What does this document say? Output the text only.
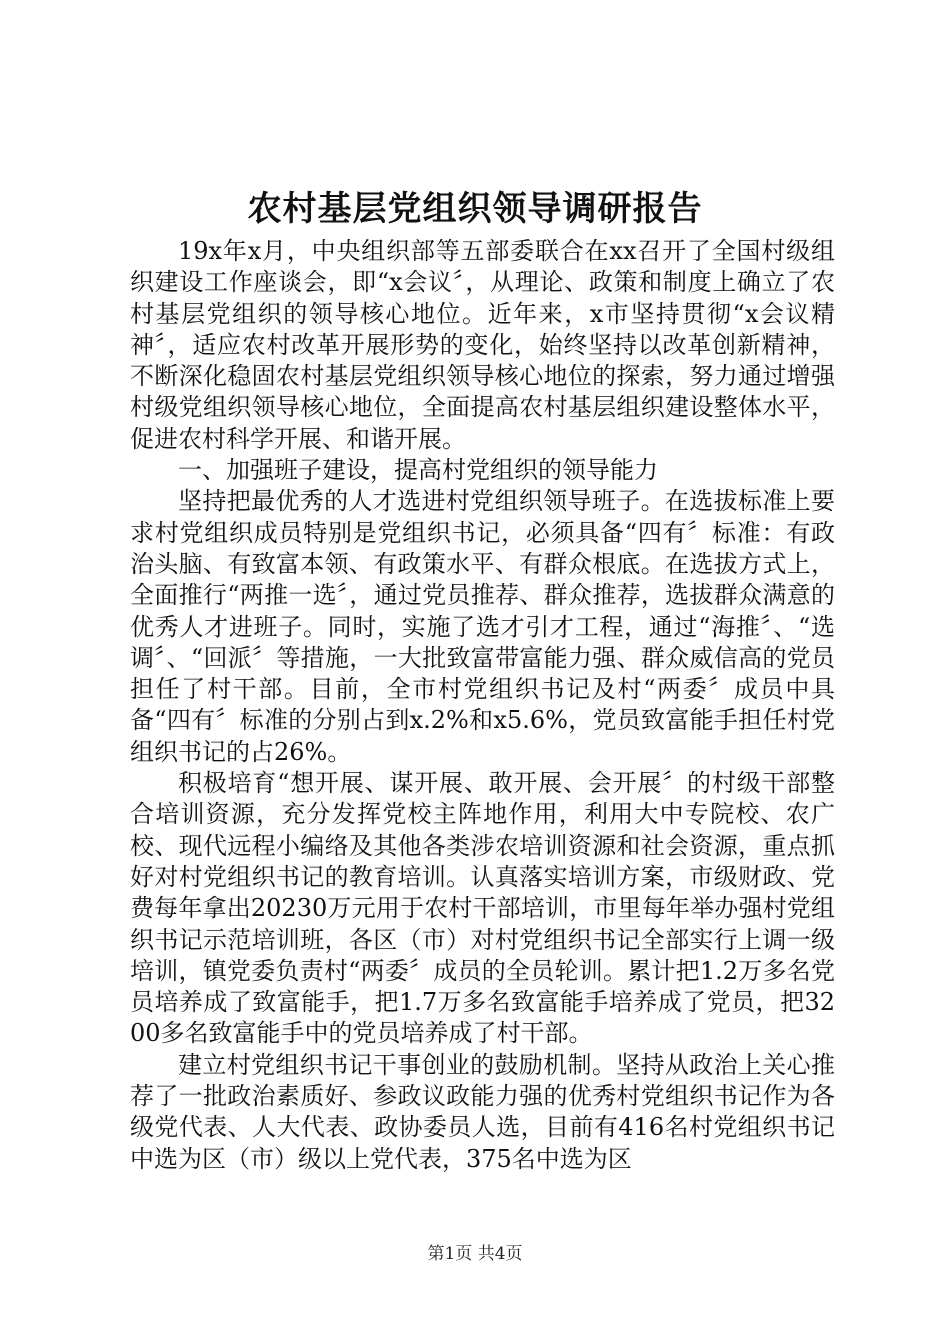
农村基层党组织领导调研报告

19x年x月，中央组织部等五部委联合在xx召开了全国村级组织建设工作座谈会，即“x会议〞，从理论、政策和制度上确立了农村基层党组织的领导核心地位。近年来，x市坚持贯彻“x会议精神〞，适应农村改革开展形势的变化，始终坚持以改革创新精神，不断深化稳固农村基层党组织领导核心地位的探索，努力通过增强村级党组织领导核心地位，全面提高农村基层组织建设整体水平，促进农村科学开展、和谐开展。

一、加强班子建设，提高村党组织的领导能力

坚持把最优秀的人才选进村党组织领导班子。在选拔标准上要求村党组织成员特别是党组织书记，必须具备“四有〞标准：有政治头脑、有致富本领、有政策水平、有群众根底。在选拔方式上，全面推行“两推一选〞，通过党员推荐、群众推荐，选拔群众满意的优秀人才进班子。同时，实施了选才引才工程，通过“海推〞、“选调〞、“回派〞等措施，一大批致富带富能力强、群众威信高的党员担任了村干部。目前，全市村党组织书记及村“两委〞成员中具备“四有〞标准的分别占到x.2%和x5.6%，党员致富能手担任村党组织书记的占26%。

积极培育“想开展、谋开展、敢开展、会开展〞的村级干部整合培训资源，充分发挥党校主阵地作用，利用大中专院校、农广校、现代远程小编络及其他各类涉农培训资源和社会资源，重点抓好对村党组织书记的教育培训。认真落实培训方案，市级财政、党费每年拿出20230万元用于农村干部培训，市里每年举办强村党组织书记示范培训班，各区（市）对村党组织书记全部实行上调一级培训，镇党委负责村“两委〞成员的全员轮训。累计把1.2万多名党员培养成了致富能手，把1.7万多名致富能手培养成了党员，把3200多名致富能手中的党员培养成了村干部。

建立村党组织书记干事创业的鼓励机制。坚持从政治上关心推荐了一批政治素质好、参政议政能力强的优秀村党组织书记作为各级党代表、人大代表、政协委员人选，目前有416名村党组织书记中选为区（市）级以上党代表，375名中选为区

第1页 共4页
